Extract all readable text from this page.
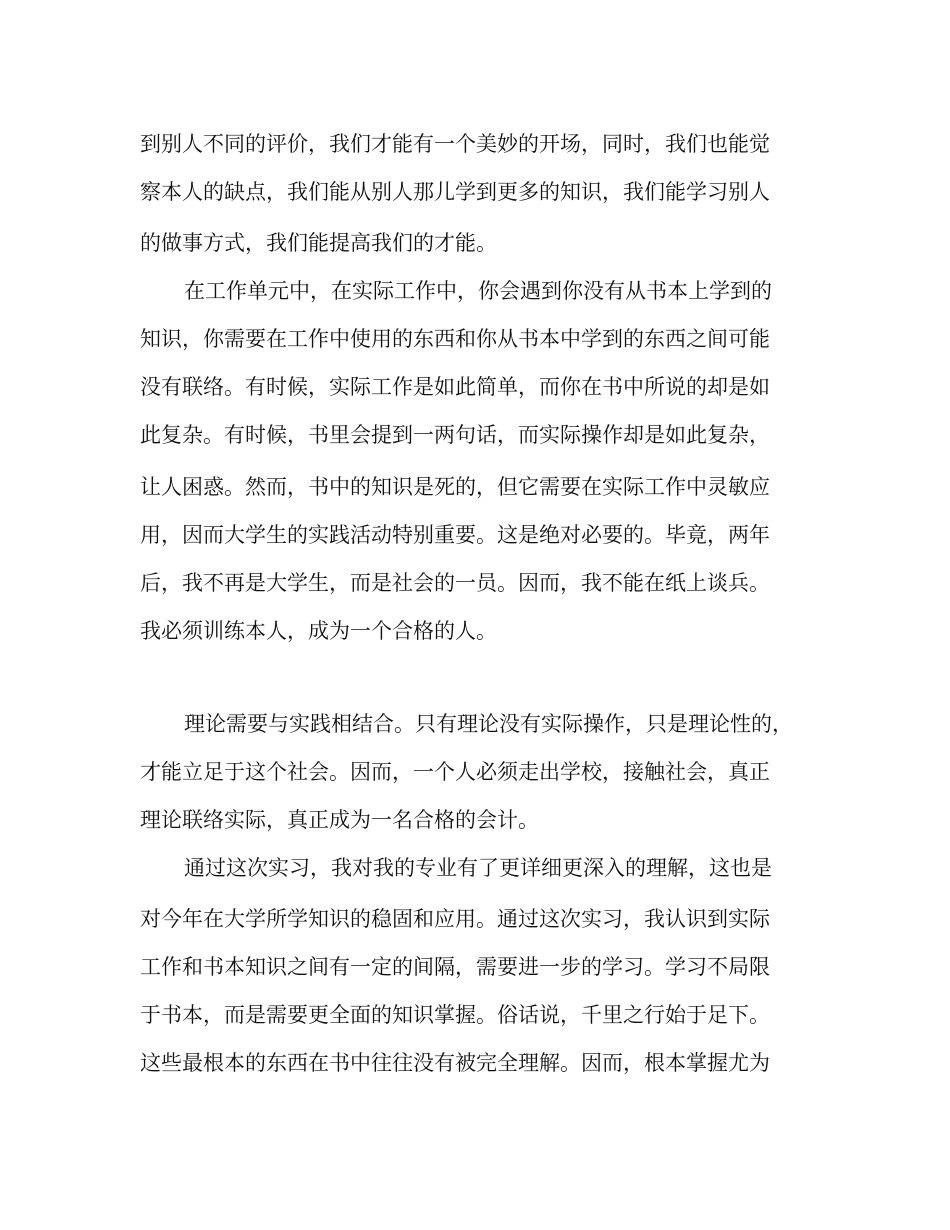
到别人不同的评价，我们才能有一个美妙的开场，同时，我们也能觉
察本人的缺点，我们能从别人那儿学到更多的知识，我们能学习别人
的做事方式，我们能提高我们的才能。
在工作单元中，在实际工作中，你会遇到你没有从书本上学到的
知识，你需要在工作中使用的东西和你从书本中学到的东西之间可能
没有联络。有时候，实际工作是如此简单，而你在书中所说的却是如
此复杂。有时候，书里会提到一两句话，而实际操作却是如此复杂，
让人困惑。然而，书中的知识是死的，但它需要在实际工作中灵敏应
用，因而大学生的实践活动特别重要。这是绝对必要的。毕竟，两年
后，我不再是大学生，而是社会的一员。因而，我不能在纸上谈兵。
我必须训练本人，成为一个合格的人。
理论需要与实践相结合。只有理论没有实际操作，只是理论性的，
才能立足于这个社会。因而，一个人必须走出学校，接触社会，真正
理论联络实际，真正成为一名合格的会计。
通过这次实习，我对我的专业有了更详细更深入的理解，这也是
对今年在大学所学知识的稳固和应用。通过这次实习，我认识到实际
工作和书本知识之间有一定的间隔，需要进一步的学习。学习不局限
于书本，而是需要更全面的知识掌握。俗话说，千里之行始于足下。
这些最根本的东西在书中往往没有被完全理解。因而，根本掌握尤为
